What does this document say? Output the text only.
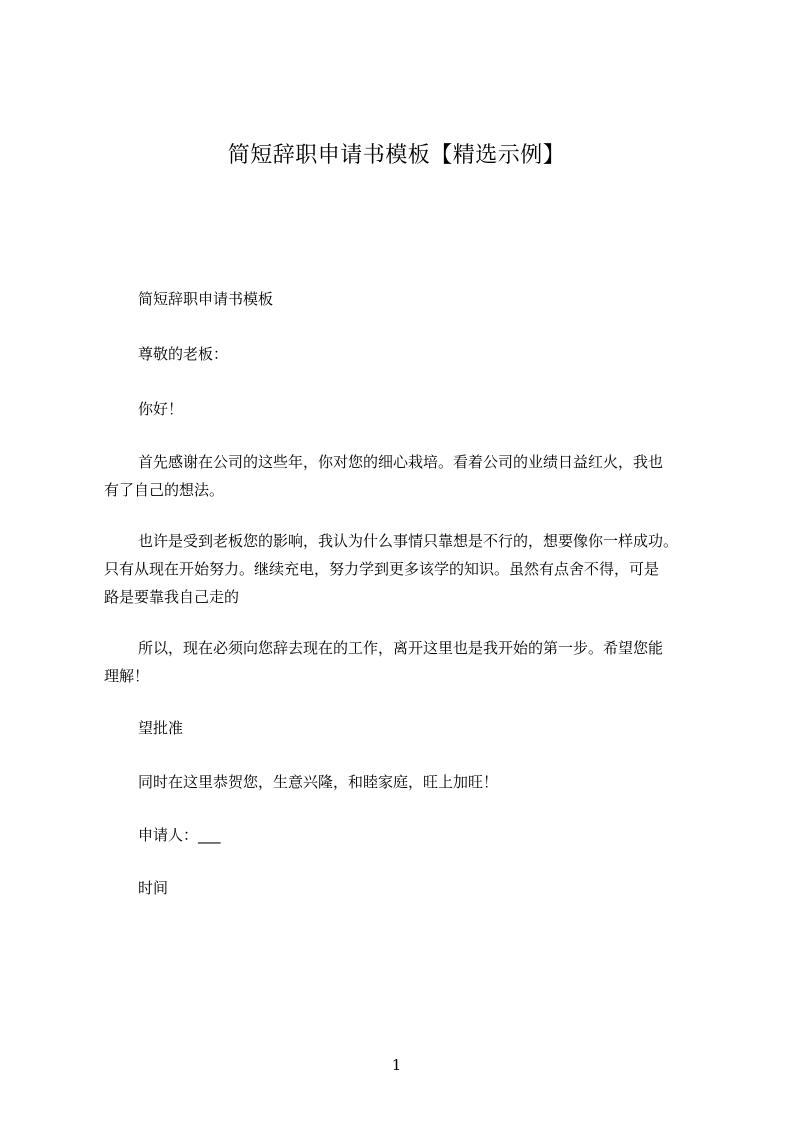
简短辞职申请书模板【精选示例】
简短辞职申请书模板
尊敬的老板：
你好！
首先感谢在公司的这些年，你对您的细心栽培。看着公司的业绩日益红火，我也
有了自己的想法。
也许是受到老板您的影响，我认为什么事情只靠想是不行的，想要像你一样成功。
只有从现在开始努力。继续充电，努力学到更多该学的知识。虽然有点舍不得，可是
路是要靠我自己走的
所以，现在必须向您辞去现在的工作，离开这里也是我开始的第一步。希望您能
理解！
望批准
同时在这里恭贺您，生意兴隆，和睦家庭，旺上加旺！
申请人：___
时间
1
